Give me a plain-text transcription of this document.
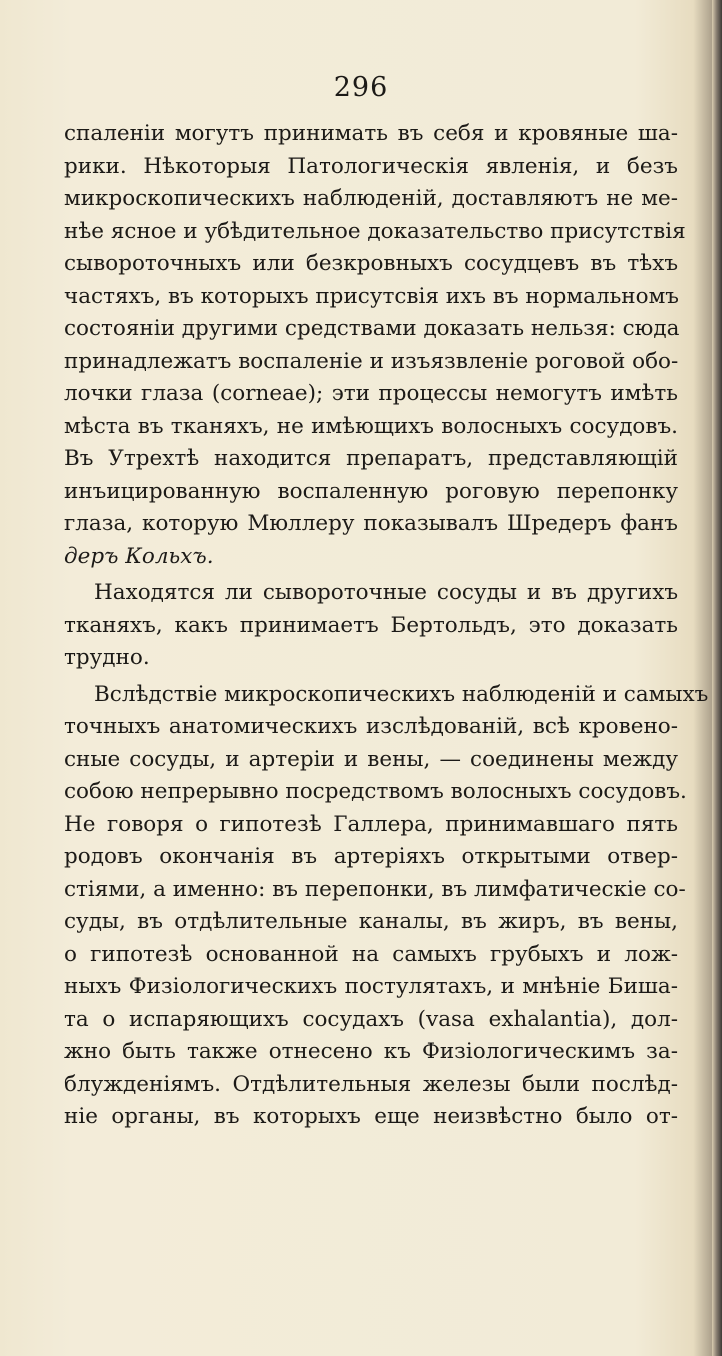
296
спаленіи могутъ принимать въ себя и кровяные ша-
рики. Нѣкоторыя Патологическія явленія, и безъ
микроскопическихъ наблюденій, доставляютъ не ме-
нѣе ясное и убѣдительное доказательство присутствія
сывороточныхъ или безкровныхъ сосудцевъ въ тѣхъ
частяхъ, въ которыхъ присутсвія ихъ въ нормальномъ
состояніи другими средствами доказать нельзя: сюда
принадлежатъ воспаленіе и изъязвленіе роговой обо-
лочки глаза (cornеае); эти процессы немогутъ имѣть
мѣста въ тканяхъ, не имѣющихъ волосныхъ сосудовъ.
Въ Утрехтѣ находится препаратъ, представляющій
инъицированную воспаленную роговую перепонку
глаза, которую Мюллеру показывалъ Шредеръ фанъ
деръ Кольхъ.
Находятся ли сывороточные сосуды и въ другихъ
тканяхъ, какъ принимаетъ Бертольдъ, это доказать
трудно.
Вслѣдствіе микроскопическихъ наблюденій и самыхъ
точныхъ анатомическихъ изслѣдованій, всѣ кровено-
сные сосуды, и артеріи и вены, — соединены между
собою непрерывно посредствомъ волосныхъ сосудовъ.
Не говоря о гипотезѣ Галлера, принимавшаго пять
родовъ окончанія въ артеріяхъ открытыми отвер-
стіями, а именно: въ перепонки, въ лимфатическіе со-
суды, въ отдѣлительные каналы, въ жиръ, въ вены,
о гипотезѣ основанной на самыхъ грубыхъ и лож-
ныхъ Физіологическихъ постулятахъ, и мнѣніе Биша-
та о испаряющихъ сосудахъ (vasa exhalantia), дол-
жно быть также отнесено къ Физіологическимъ за-
блужденіямъ. Отдѣлительныя железы были послѣд-
ніе органы, въ которыхъ еще неизвѣстно было от-
